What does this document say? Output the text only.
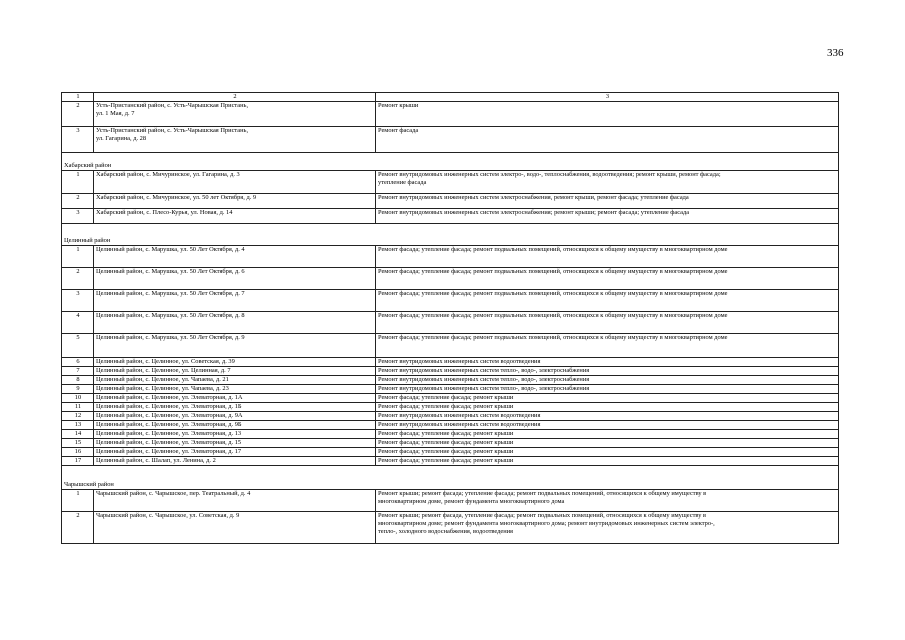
336
1	2	3
2	Усть-Пристанский район, с. Усть-Чарышская Пристань,
ул. 1 Мая, д. 7	Ремонт крыши
3	Усть-Пристанский район, с. Усть-Чарышская Пристань,
ул. Гагарина, д. 28	Ремонт фасада
Хабарский район		
1	Хабарский район, с. Мичуринское, ул. Гагарина, д. 3	Ремонт внутридомовых инженерных систем электро-, водо-, теплоснабжения, водоотведения; ремонт крыши, ремонт фасада;
утепление фасада
2	Хабарский район, с. Мичуринское, ул. 50 лет Октября, д. 9	Ремонт внутридомовых инженерных систем электроснабжения, ремонт крыши, ремонт фасада; утепление фасада
3	Хабарский район, с. Плесо-Курья, ул. Новая, д. 14	Ремонт внутридомовых инженерных систем электроснабжения; ремонт крыши; ремонт фасада; утепление фасада
Целинный район		
1	Целинный район, с. Марушка, ул. 50 Лет Октября, д. 4	Ремонт фасада; утепление фасада; ремонт подвальных помещений, относящихся к общему имуществу в многоквартирном доме
2	Целинный район, с. Марушка, ул. 50 Лет Октября, д. 6	Ремонт фасада; утепление фасада; ремонт подвальных помещений, относящихся к общему имуществу в многоквартирном доме
3	Целинный район, с. Марушка, ул. 50 Лет Октября, д. 7	Ремонт фасада; утепление фасада; ремонт подвальных помещений, относящихся к общему имуществу в многоквартирном доме
4	Целинный район, с. Марушка, ул. 50 Лет Октября, д. 8	Ремонт фасада; утепление фасада; ремонт подвальных помещений, относящихся к общему имуществу в многоквартирном доме
5	Целинный район, с. Марушка, ул. 50 Лет Октября, д. 9	Ремонт фасада; утепление фасада; ремонт подвальных помещений, относящихся к общему имуществу в многоквартирном доме
6	Целинный район, с. Целинное, ул. Советская, д. 39	Ремонт внутридомовых инженерных систем водоотведения
7	Целинный район, с. Целинное, ул. Целинная, д. 7	Ремонт внутридомовых инженерных систем тепло-, водо-, электроснабжения
8	Целинный район, с. Целинное, ул. Чапаева, д. 21	Ремонт внутридомовых инженерных систем тепло-, водо-, электроснабжения
9	Целинный район, с. Целинное, ул. Чапаева, д. 23	Ремонт внутридомовых инженерных систем тепло-, водо-, электроснабжения
10	Целинный район, с. Целинное, ул. Элеваторная, д. 1А	Ремонт фасада; утепление фасада; ремонт крыши
11	Целинный район, с. Целинное, ул. Элеваторная, д. 1Б	Ремонт фасада; утепление фасада; ремонт крыши
12	Целинный район, с. Целинное, ул. Элеваторная, д. 9А	Ремонт внутридомовых инженерных систем водоотведения
13	Целинный район, с. Целинное, ул. Элеваторная, д. 9Б	Ремонт внутридомовых инженерных систем водоотведения
14	Целинный район, с. Целинное, ул. Элеваторная, д. 13	Ремонт фасада; утепление фасада; ремонт крыши
15	Целинный район, с. Целинное, ул. Элеваторная, д. 15	Ремонт фасада; утепление фасада; ремонт крыши
16	Целинный район, с. Целинное, ул. Элеваторная, д. 17	Ремонт фасада; утепление фасада; ремонт крыши
17	Целинный район, с. Шалап, ул. Ленина, д. 2	Ремонт фасада; утепление фасада; ремонт крыши
Чарышский район		
1	Чарышский район, с. Чарышское, пер. Театральный, д. 4	Ремонт крыши; ремонт фасада; утепление фасада; ремонт подвальных помещений, относящихся к общему имуществу в
многоквартирном доме, ремонт фундамента многоквартирного дома
2	Чарышский район, с. Чарышское, ул. Советская, д. 9	Ремонт крыши; ремонт фасада, утепление фасада; ремонт подвальных помещений, относящихся к общему имуществу в
многоквартирном доме; ремонт фундамента многоквартирного дома; ремонт внутридомовых инженерных систем электро-,
тепло-, холодного водоснабжения, водоотведения
